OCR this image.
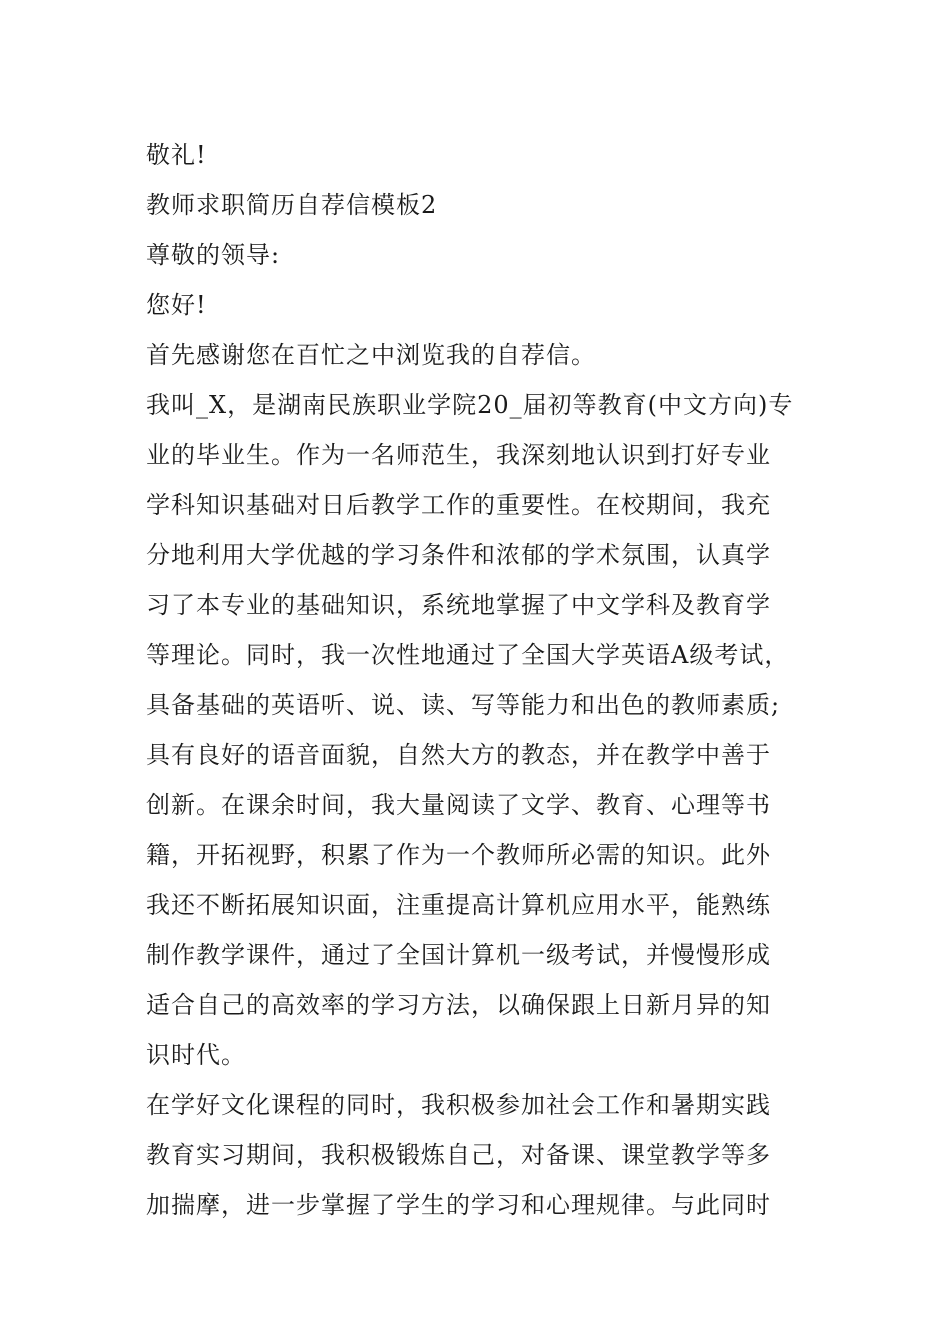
敬礼!
教师求职简历自荐信模板2
尊敬的领导:
您好!
首先感谢您在百忙之中浏览我的自荐信。
我叫_X，是湖南民族职业学院20_届初等教育(中文方向)专
业的毕业生。作为一名师范生，我深刻地认识到打好专业
学科知识基础对日后教学工作的重要性。在校期间，我充
分地利用大学优越的学习条件和浓郁的学术氛围，认真学
习了本专业的基础知识，系统地掌握了中文学科及教育学
等理论。同时，我一次性地通过了全国大学英语A级考试，
具备基础的英语听、说、读、写等能力和出色的教师素质;
具有良好的语音面貌，自然大方的教态，并在教学中善于
创新。在课余时间，我大量阅读了文学、教育、心理等书
籍，开拓视野，积累了作为一个教师所必需的知识。此外
我还不断拓展知识面，注重提高计算机应用水平，能熟练
制作教学课件，通过了全国计算机一级考试，并慢慢形成
适合自己的高效率的学习方法，以确保跟上日新月异的知
识时代。
在学好文化课程的同时，我积极参加社会工作和暑期实践
教育实习期间，我积极锻炼自己，对备课、课堂教学等多
加揣摩，进一步掌握了学生的学习和心理规律。与此同时
